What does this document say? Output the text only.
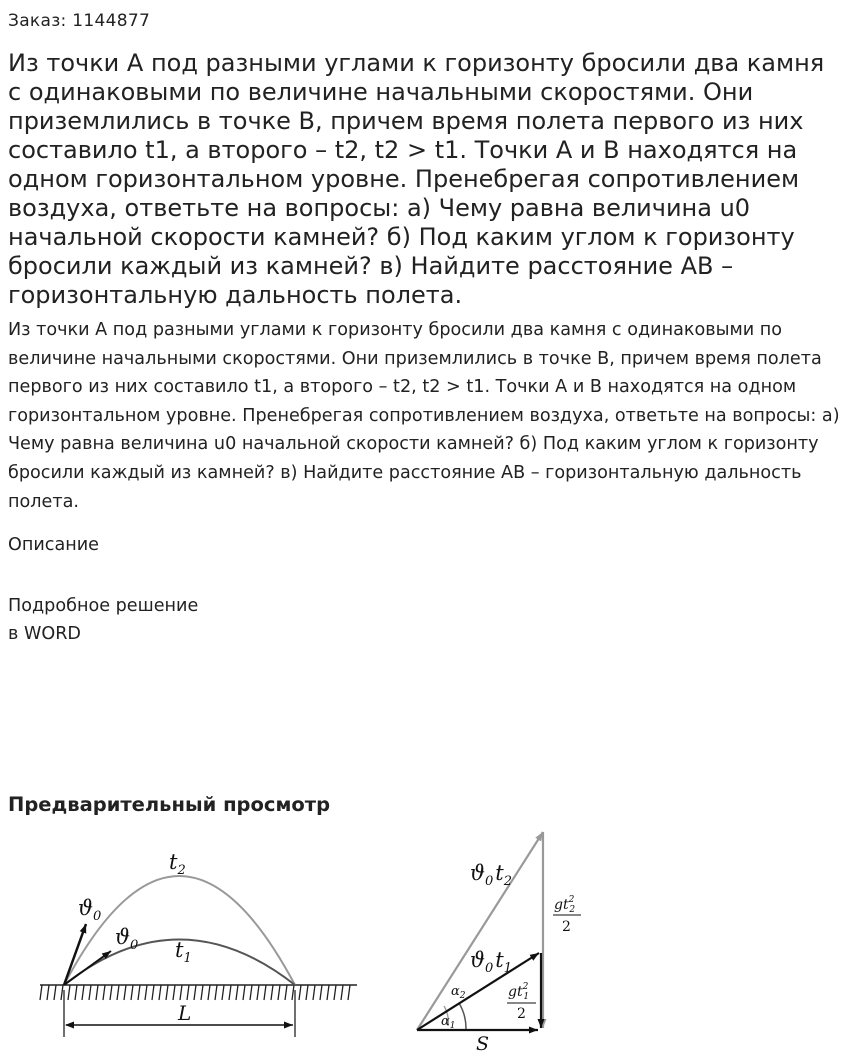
Заказ: 1144877
Из точки А под разными углами к горизонту бросили два камня с одинаковыми по величине начальными скоростями. Они приземлились в точке В, причем время полета первого из них составило t1, а второго – t2, t2 > t1. Точки А и В находятся на одном горизонтальном уровне. Пренебрегая сопротивлением воздуха, ответьте на вопросы: а) Чему равна величина u0 начальной скорости камней? б) Под каким углом к горизонту бросили каждый из камней? в) Найдите расстояние АВ – горизонтальную дальность полета.

Из точки А под разными углами к горизонту бросили два камня с одинаковыми по величине начальными скоростями. Они приземлились в точке В, причем время полета первого из них составило t1, а второго – t2, t2 > t1. Точки А и В находятся на одном горизонтальном уровне. Пренебрегая сопротивлением воздуха, ответьте на вопросы: а) Чему равна величина u0 начальной скорости камней? б) Под каким углом к горизонту бросили каждый из камней? в) Найдите расстояние АВ – горизонтальную дальность полета.

Описание
Подробное решение
в WORD
Предварительный просмотр
$t_2$
$t_1$
$ϑ_0$
$ϑ_0$
L
$ϑ_0t_2$
$ϑ_0t_1$
$gt^2$ 2
2
$gt^2$ 1
2
$\alpha_2$
$\alpha_1$
S
